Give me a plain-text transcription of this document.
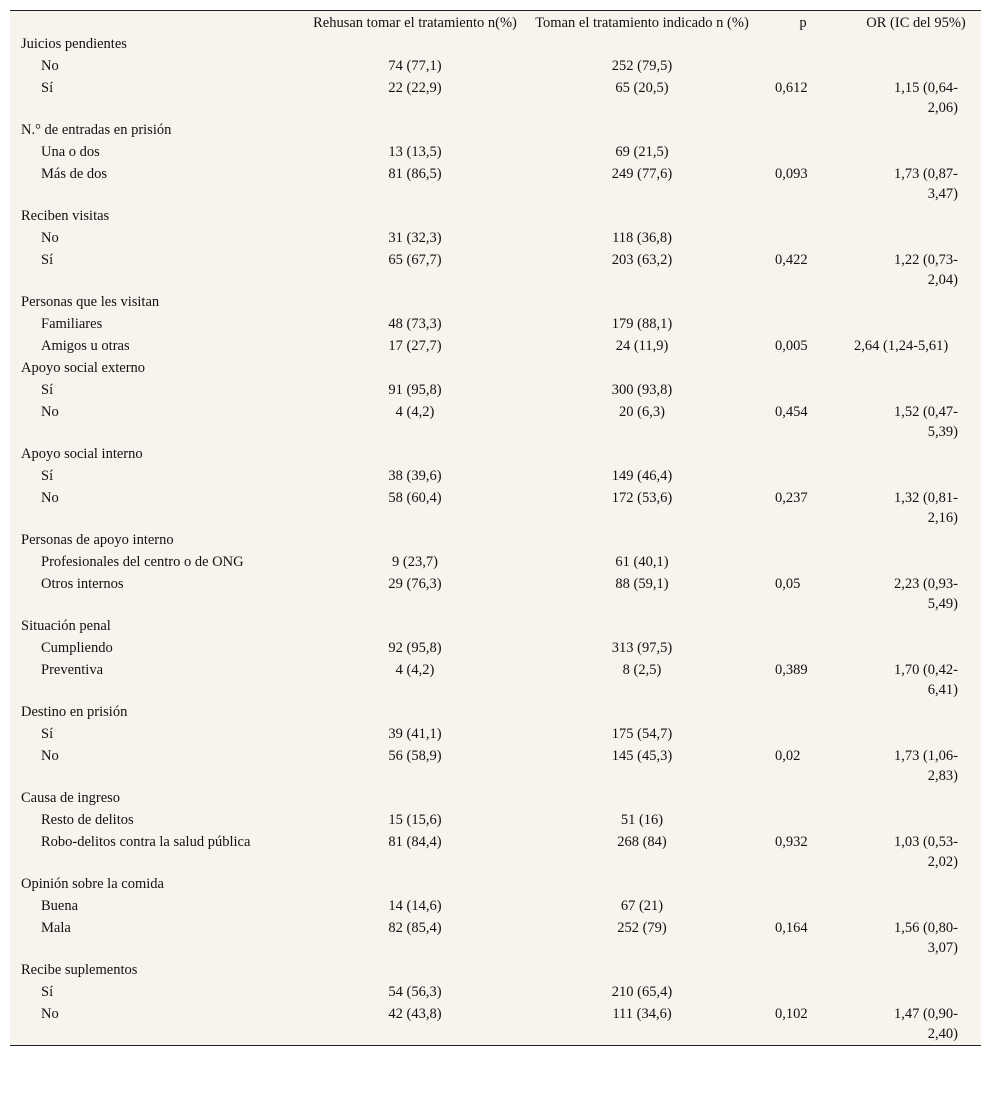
	Rehusan tomar el tratamiento n(%)	Toman el tratamiento indicado n (%)	p	OR (IC del 95%)
Juicios pendientes				
No	74 (77,1)	252 (79,5)		
Sí	22 (22,9)	65 (20,5)	0,612	1,15 (0,64-2,06)
N.° de entradas en prisión				
Una o dos	13 (13,5)	69 (21,5)		
Más de dos	81 (86,5)	249 (77,6)	0,093	1,73 (0,87-3,47)
Reciben visitas				
No	31 (32,3)	118 (36,8)		
Sí	65 (67,7)	203 (63,2)	0,422	1,22 (0,73-2,04)
Personas que les visitan				
Familiares	48 (73,3)	179 (88,1)		
Amigos u otras	17 (27,7)	24 (11,9)	0,005	2,64 (1,24-5,61)
Apoyo social externo				
Sí	91 (95,8)	300 (93,8)		
No	4 (4,2)	20 (6,3)	0,454	1,52 (0,47-5,39)
Apoyo social interno				
Sí	38 (39,6)	149 (46,4)		
No	58 (60,4)	172 (53,6)	0,237	1,32 (0,81-2,16)
Personas de apoyo interno				
Profesionales del centro o de ONG	9 (23,7)	61 (40,1)		
Otros internos	29 (76,3)	88 (59,1)	0,05	2,23 (0,93-5,49)
Situación penal				
Cumpliendo	92 (95,8)	313 (97,5)		
Preventiva	4 (4,2)	8 (2,5)	0,389	1,70 (0,42-6,41)
Destino en prisión				
Sí	39 (41,1)	175 (54,7)		
No	56 (58,9)	145 (45,3)	0,02	1,73 (1,06-2,83)
Causa de ingreso				
Resto de delitos	15 (15,6)	51 (16)		
Robo-delitos contra la salud pública	81 (84,4)	268 (84)	0,932	1,03 (0,53-2,02)
Opinión sobre la comida				
Buena	14 (14,6)	67 (21)		
Mala	82 (85,4)	252 (79)	0,164	1,56 (0,80-3,07)
Recibe suplementos				
Sí	54 (56,3)	210 (65,4)		
No	42 (43,8)	111 (34,6)	0,102	1,47 (0,90-2,40)
